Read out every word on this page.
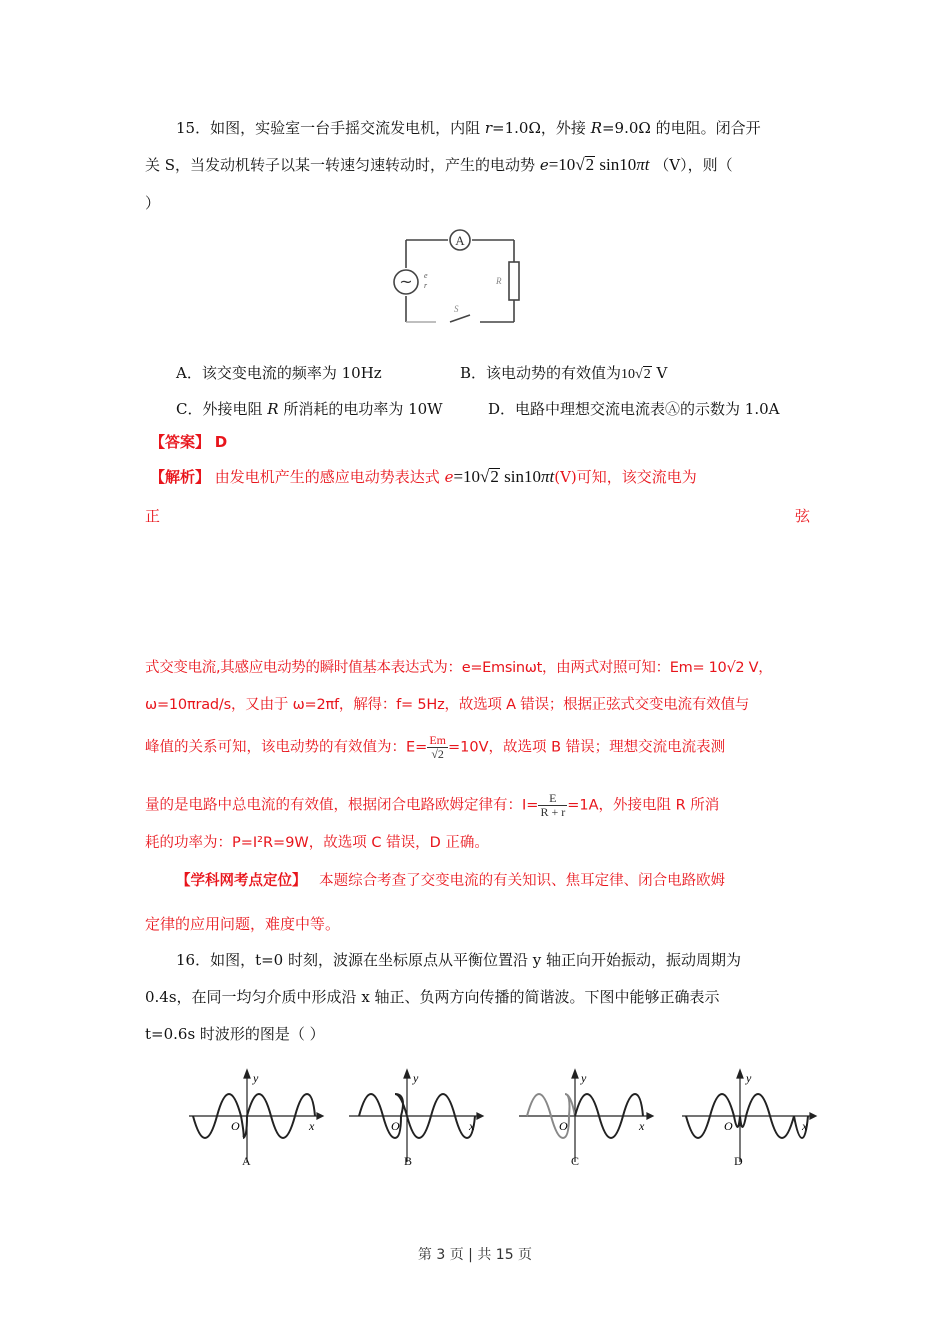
15．如图，实验室一台手摇交流发电机，内阻 r=1.0Ω，外接 R=9.0Ω 的电阻。闭合开
关 S，当发动机转子以某一转速匀速转动时，产生的电动势 e=10√2 sin10πt （V），则（
）
A
~ e
r	R
S
A．该交变电流的频率为 10Hz	B．该电动势的有效值为10√2 V
C．外接电阻 R 所消耗的电功率为 10W	D．电路中理想交流电流表Ⓐ的示数为 1.0A
【答案】 D
【解析】 由发电机产生的感应电动势表达式 e=10√2 sin10πt(V)可知，该交流电为
正	弦
式交变电流,其感应电动势的瞬时值基本表达式为：e=Emsinωt，由两式对照可知：Em= 10√2 V，
ω=10πrad/s，又由于 ω=2πf，解得：f= 5Hz，故选项 A 错误；根据正弦式交变电流有效值与
峰值的关系可知，该电动势的有效值为：$E= \frac{Em}{√2} =10V$，故选项 B 错误；理想交流电流表测
量的是电路中总电流的有效值，根据闭合电路欧姆定律有：$I= \frac{E}{R + r} =1A$，外接电阻 R 所消
耗的功率为：P=I²R=9W，故选项 C 错误，D 正确。
【学科网考点定位】 本题综合考查了交变电流的有关知识、焦耳定律、闭合电路欧姆
定律的应用问题，难度中等。
16．如图，t=0 时刻，波源在坐标原点从平衡位置沿 y 轴正向开始振动，振动周期为
0.4s，在同一均匀介质中形成沿 x 轴正、负两方向传播的简谐波。下图中能够正确表示
t=0.6s 时波形的图是（ ）
y
x
O
A
y
x
O
B
y
x
O
C
y
x
O
D
第 3 页 | 共 15 页
